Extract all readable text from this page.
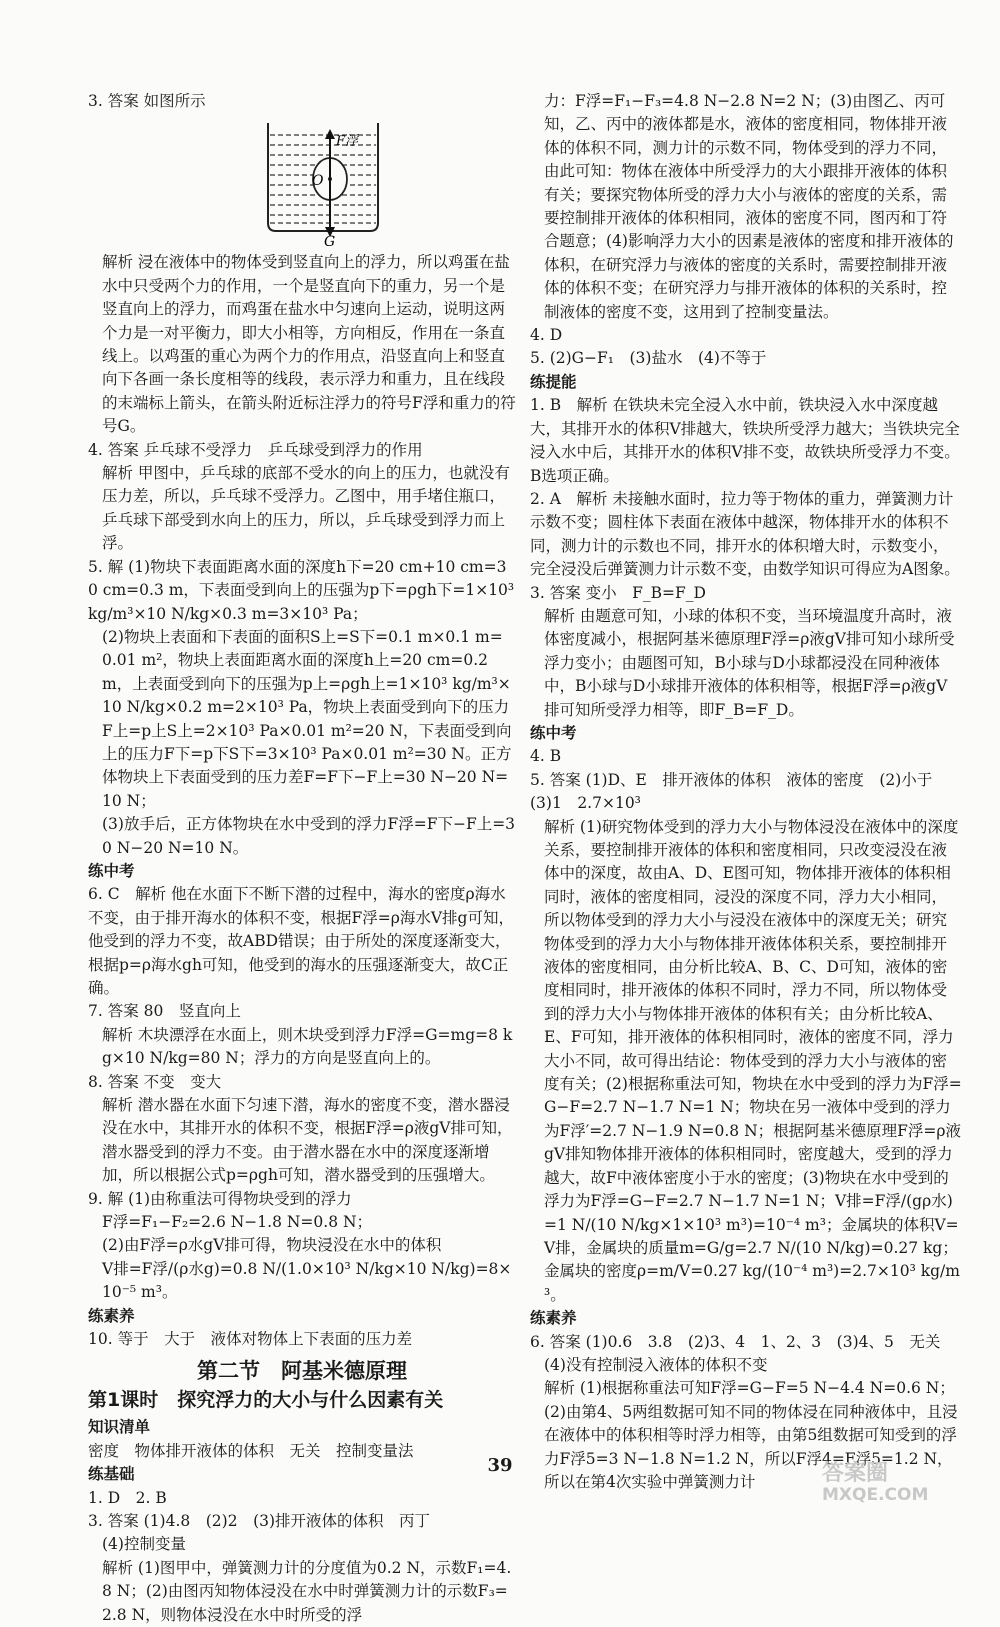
3. 答案 如图所示

F浮
O
G

解析 浸在液体中的物体受到竖直向上的浮力，所以鸡蛋在盐水中只受两个力的作用，一个是竖直向下的重力，另一个是竖直向上的浮力，而鸡蛋在盐水中匀速向上运动，说明这两个力是一对平衡力，即大小相等，方向相反，作用在一条直线上。以鸡蛋的重心为两个力的作用点，沿竖直向上和竖直向下各画一条长度相等的线段，表示浮力和重力，且在线段的末端标上箭头，在箭头附近标注浮力的符号F浮和重力的符号G。

4. 答案 乒乓球不受浮力　乒乓球受到浮力的作用

解析 甲图中，乒乓球的底部不受水的向上的压力，也就没有压力差，所以，乒乓球不受浮力。乙图中，用手堵住瓶口，乒乓球下部受到水向上的压力，所以，乒乓球受到浮力而上浮。

5. 解 (1)物块下表面距离水面的深度h下=20 cm+10 cm=30 cm=0.3 m，下表面受到向上的压强为p下=ρgh下=1×10³ kg/m³×10 N/kg×0.3 m=3×10³ Pa；

(2)物块上表面和下表面的面积S上=S下=0.1 m×0.1 m=0.01 m²，物块上表面距离水面的深度h上=20 cm=0.2 m，上表面受到向下的压强为p上=ρgh上=1×10³ kg/m³×10 N/kg×0.2 m=2×10³ Pa，物块上表面受到向下的压力F上=p上S上=2×10³ Pa×0.01 m²=20 N，下表面受到向上的压力F下=p下S下=3×10³ Pa×0.01 m²=30 N。正方体物块上下表面受到的压力差F=F下−F上=30 N−20 N=10 N；

(3)放手后，正方体物块在水中受到的浮力F浮=F下−F上=30 N−20 N=10 N。

练中考

6. C　解析 他在水面下不断下潜的过程中，海水的密度ρ海水不变，由于排开海水的体积不变，根据F浮=ρ海水V排g可知，他受到的浮力不变，故ABD错误；由于所处的深度逐渐变大，根据p=ρ海水gh可知，他受到的海水的压强逐渐变大，故C正确。

7. 答案 80　竖直向上

解析 木块漂浮在水面上，则木块受到浮力F浮=G=mg=8 kg×10 N/kg=80 N；浮力的方向是竖直向上的。

8. 答案 不变　变大

解析 潜水器在水面下匀速下潜，海水的密度不变，潜水器浸没在水中，其排开水的体积不变，根据F浮=ρ液gV排可知，潜水器受到的浮力不变。由于潜水器在水中的深度逐渐增加，所以根据公式p=ρgh可知，潜水器受到的压强增大。

9. 解 (1)由称重法可得物块受到的浮力

F浮=F₁−F₂=2.6 N−1.8 N=0.8 N；

(2)由F浮=ρ水gV排可得，物块浸没在水中的体积

V排=F浮/(ρ水g)=0.8 N/(1.0×10³ N/kg×10 N/kg)=8×10⁻⁵ m³。

练素养

10. 等于　大于　液体对物体上下表面的压力差

第二节　阿基米德原理

第1课时　探究浮力的大小与什么因素有关

知识清单

密度　物体排开液体的体积　无关　控制变量法

练基础

1. D　2. B

3. 答案 (1)4.8　(2)2　(3)排开液体的体积　丙丁

(4)控制变量

解析 (1)图甲中，弹簧测力计的分度值为0.2 N，示数F₁=4.8 N；(2)由图丙知物体浸没在水中时弹簧测力计的示数F₃=2.8 N，则物体浸没在水中时所受的浮

力：F浮=F₁−F₃=4.8 N−2.8 N=2 N；(3)由图乙、丙可知，乙、丙中的液体都是水，液体的密度相同，物体排开液体的体积不同，测力计的示数不同，物体受到的浮力不同，由此可知：物体在液体中所受浮力的大小跟排开液体的体积有关；要探究物体所受的浮力大小与液体的密度的关系，需要控制排开液体的体积相同，液体的密度不同，图丙和丁符合题意；(4)影响浮力大小的因素是液体的密度和排开液体的体积，在研究浮力与液体的密度的关系时，需要控制排开液体的体积不变；在研究浮力与排开液体的体积的关系时，控制液体的密度不变，这用到了控制变量法。

4. D

5. (2)G−F₁　(3)盐水　(4)不等于

练提能

1. B　解析 在铁块未完全浸入水中前，铁块浸入水中深度越大，其排开水的体积V排越大，铁块所受浮力越大；当铁块完全浸入水中后，其排开水的体积V排不变，故铁块所受浮力不变。B选项正确。

2. A　解析 未接触水面时，拉力等于物体的重力，弹簧测力计示数不变；圆柱体下表面在液体中越深，物体排开水的体积不同，测力计的示数也不同，排开水的体积增大时，示数变小，完全浸没后弹簧测力计示数不变，由数学知识可得应为A图象。

3. 答案 变小　F_B=F_D

解析 由题意可知，小球的体积不变，当环境温度升高时，液体密度减小，根据阿基米德原理F浮=ρ液gV排可知小球所受浮力变小；由题图可知，B小球与D小球都浸没在同种液体中，B小球与D小球排开液体的体积相等，根据F浮=ρ液gV排可知所受浮力相等，即F_B=F_D。

练中考

4. B

5. 答案 (1)D、E　排开液体的体积　液体的密度　(2)小于　(3)1　2.7×10³

解析 (1)研究物体受到的浮力大小与物体浸没在液体中的深度关系，要控制排开液体的体积和密度相同，只改变浸没在液体中的深度，故由A、D、E图可知，物体排开液体的体积相同时，液体的密度相同，浸没的深度不同，浮力大小相同，所以物体受到的浮力大小与浸没在液体中的深度无关；研究物体受到的浮力大小与物体排开液体体积关系，要控制排开液体的密度相同，由分析比较A、B、C、D可知，液体的密度相同时，排开液体的体积不同时，浮力不同，所以物体受到的浮力大小与物体排开液体的体积有关；由分析比较A、E、F可知，排开液体的体积相同时，液体的密度不同，浮力大小不同，故可得出结论：物体受到的浮力大小与液体的密度有关；(2)根据称重法可知，物块在水中受到的浮力为F浮=G−F=2.7 N−1.7 N=1 N；物块在另一液体中受到的浮力为F浮′=2.7 N−1.9 N=0.8 N；根据阿基米德原理F浮=ρ液gV排知物体排开液体的体积相同时，密度越大，受到的浮力越大，故F中液体密度小于水的密度；(3)物块在水中受到的浮力为F浮=G−F=2.7 N−1.7 N=1 N；V排=F浮/(gρ水)=1 N/(10 N/kg×1×10³ m³)=10⁻⁴ m³；金属块的体积V=V排，金属块的质量m=G/g=2.7 N/(10 N/kg)=0.27 kg；金属块的密度ρ=m/V=0.27 kg/(10⁻⁴ m³)=2.7×10³ kg/m³。

练素养

6. 答案 (1)0.6　3.8　(2)3、4　1、2、3　(3)4、5　无关

(4)没有控制浸入液体的体积不变

解析 (1)根据称重法可知F浮=G−F=5 N−4.4 N=0.6 N；(2)由第4、5两组数据可知不同的物体浸在同种液体中，且浸在液体中的体积相等时浮力相等，由第5组数据可知受到的浮力F浮5=3 N−1.8 N=1.2 N，所以F浮4=F浮5=1.2 N，所以在第4次实验中弹簧测力计

39	答案圈
MXQE.COM
